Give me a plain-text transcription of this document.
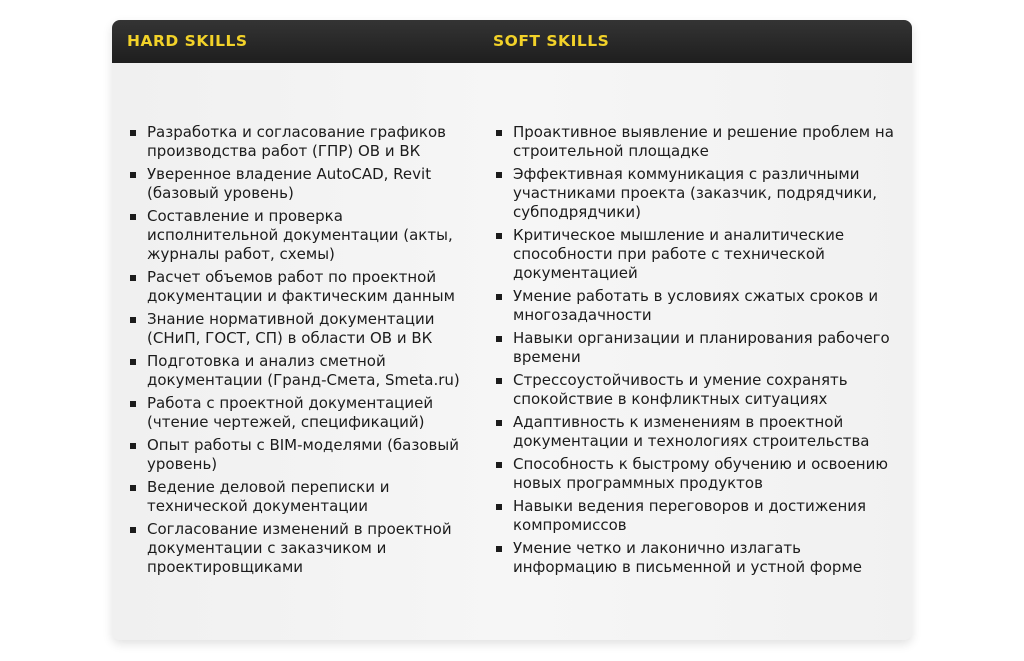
HARD SKILLS	SOFT SKILLS
Разработка и согласование графиков производства работ (ГПР) ОВ и ВК
Уверенное владение AutoCAD, Revit (базовый уровень)
Составление и проверка исполнительной документации (акты, журналы работ, схемы)
Расчет объемов работ по проектной документации и фактическим данным
Знание нормативной документации (СНиП, ГОСТ, СП) в области ОВ и ВК
Подготовка и анализ сметной документации (Гранд-Смета, Smeta.ru)
Работа с проектной документацией (чтение чертежей, спецификаций)
Опыт работы с BIM-моделями (базовый уровень)
Ведение деловой переписки и технической документации
Согласование изменений в проектной документации с заказчиком и проектировщиками
Проактивное выявление и решение проблем на строительной площадке
Эффективная коммуникация с различными участниками проекта (заказчик, подрядчики, субподрядчики)
Критическое мышление и аналитические способности при работе с технической документацией
Умение работать в условиях сжатых сроков и многозадачности
Навыки организации и планирования рабочего времени
Стрессоустойчивость и умение сохранять спокойствие в конфликтных ситуациях
Адаптивность к изменениям в проектной документации и технологиях строительства
Способность к быстрому обучению и освоению новых программных продуктов
Навыки ведения переговоров и достижения компромиссов
Умение четко и лаконично излагать информацию в письменной и устной форме
